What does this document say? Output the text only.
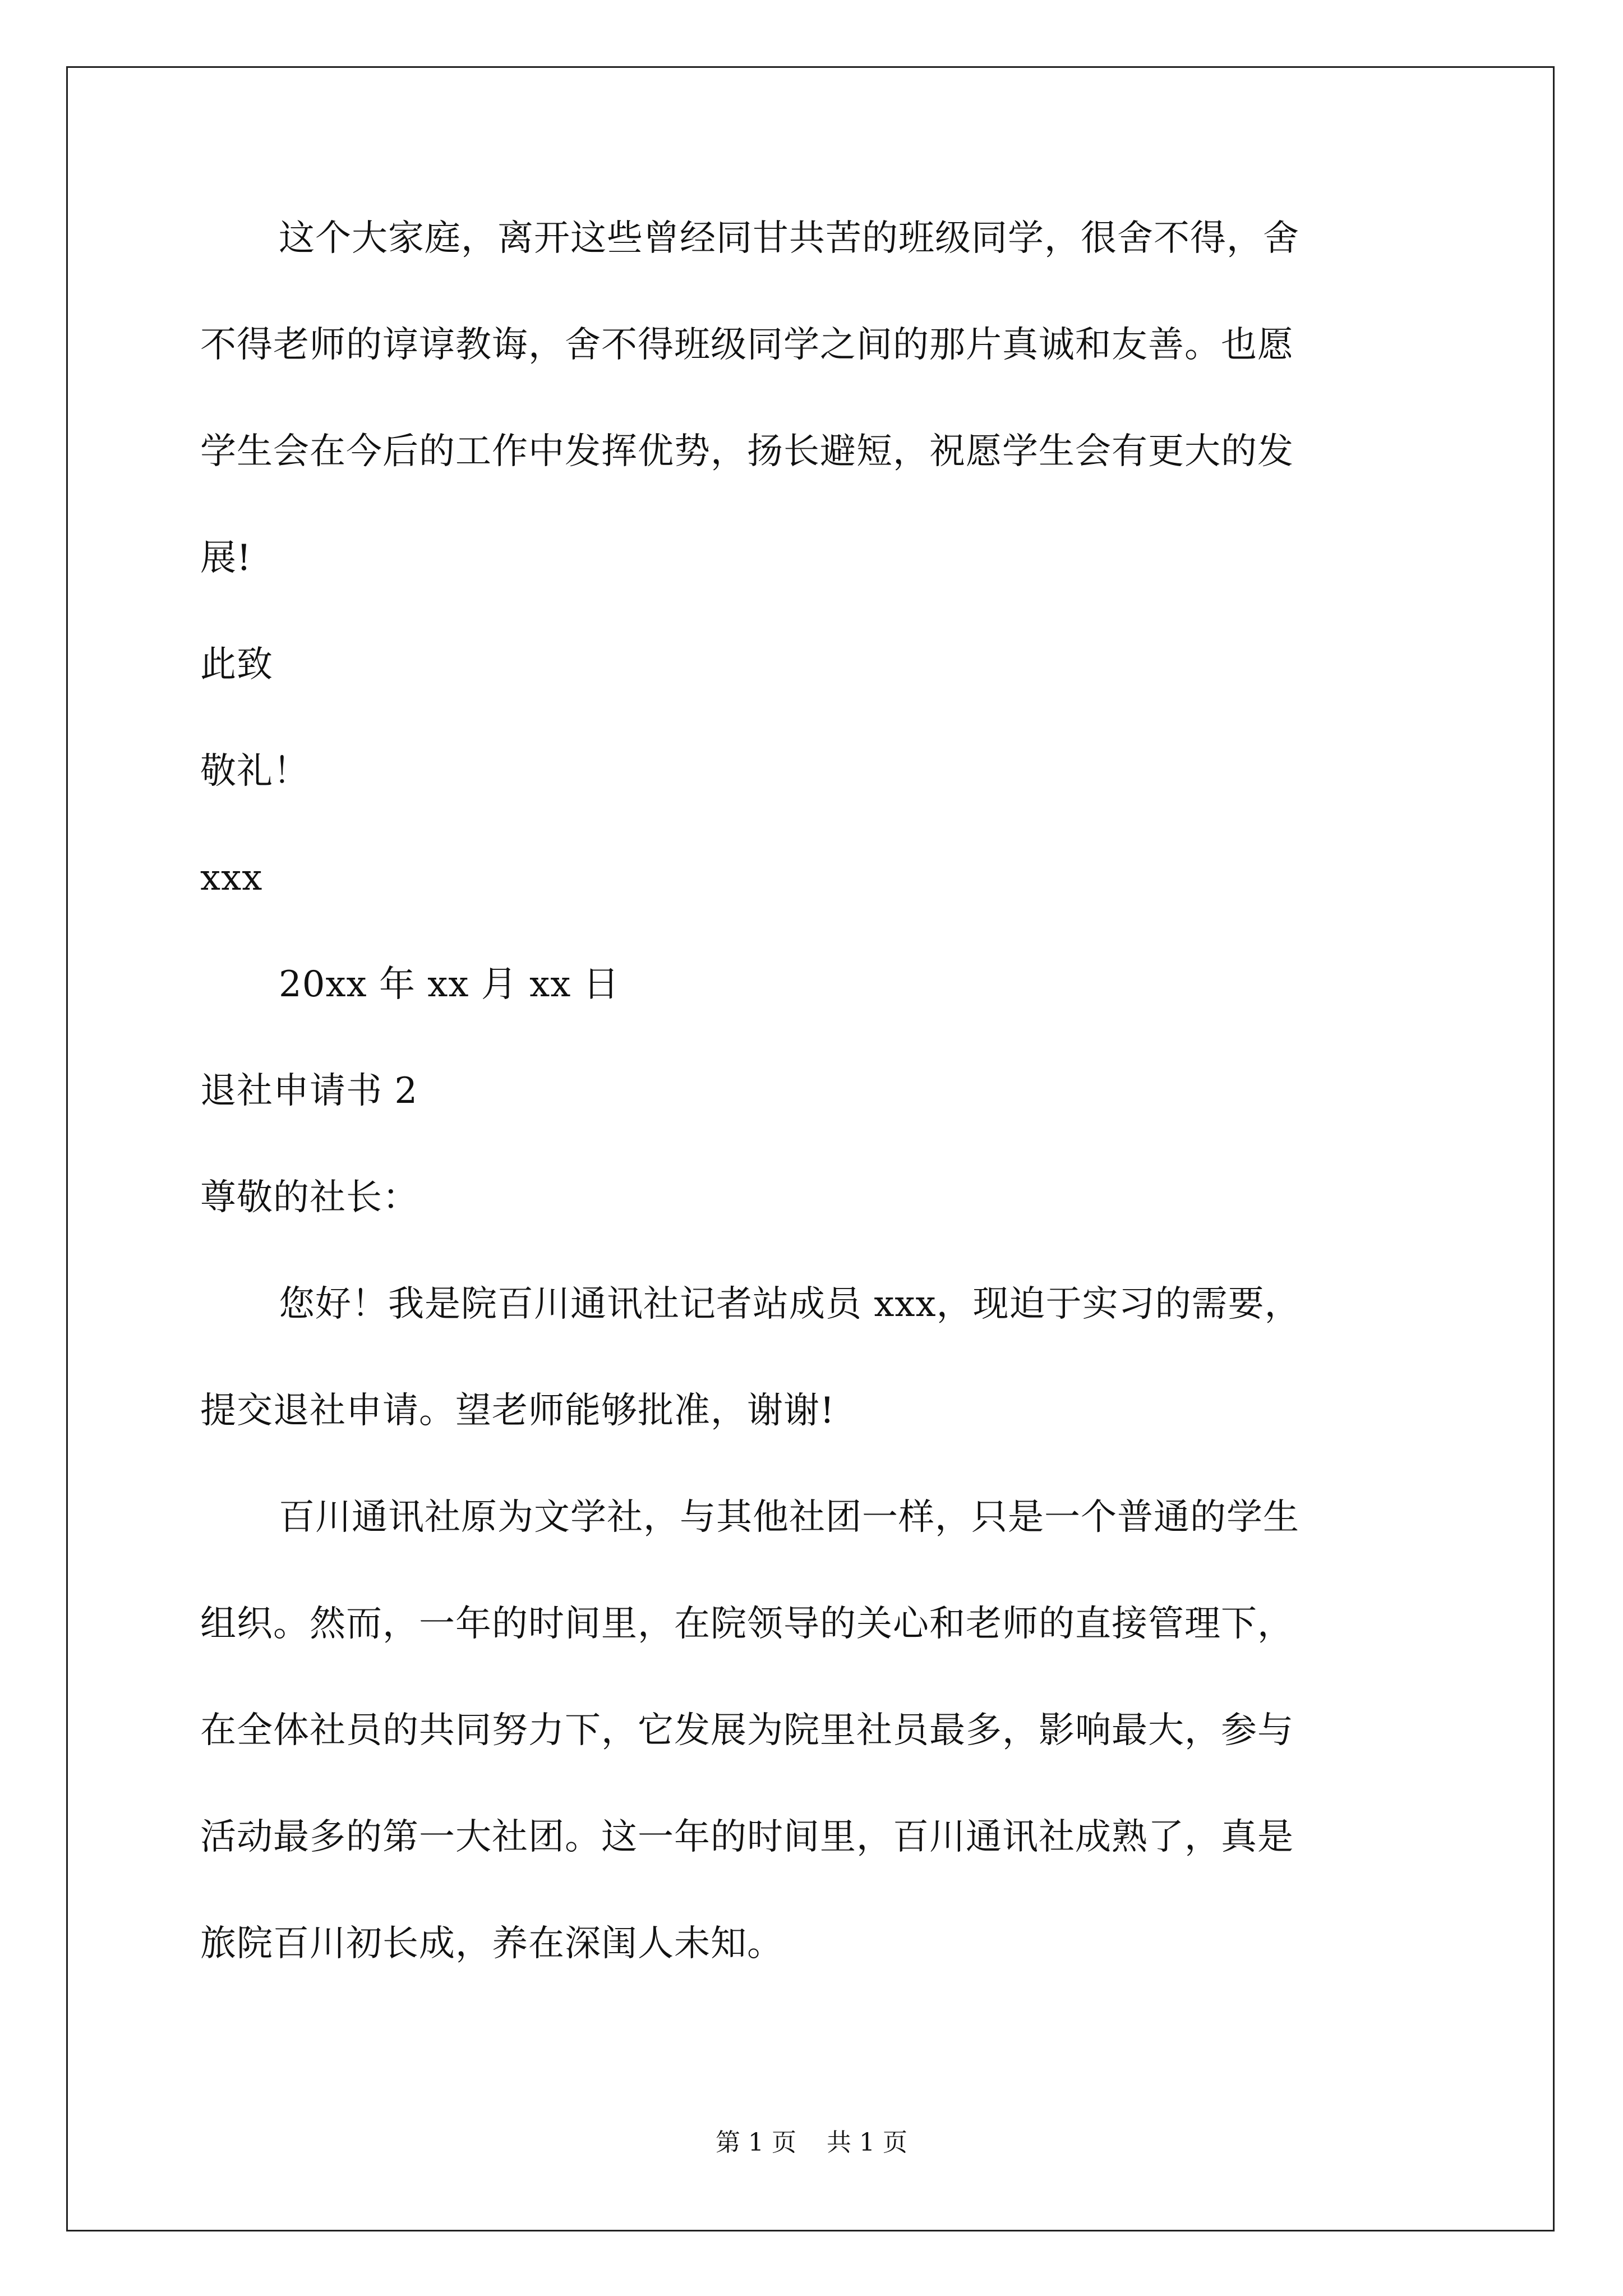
这个大家庭，离开这些曾经同甘共苦的班级同学，很舍不得，舍
不得老师的谆谆教诲，舍不得班级同学之间的那片真诚和友善。也愿
学生会在今后的工作中发挥优势，扬长避短，祝愿学生会有更大的发
展!
此致
敬礼！
xxx
20xx 年 xx 月 xx 日
退社申请书 2
尊敬的社长：
您好！我是院百川通讯社记者站成员 xxx，现迫于实习的需要，
提交退社申请。望老师能够批准，谢谢!
百川通讯社原为文学社，与其他社团一样，只是一个普通的学生
组织。然而，一年的时间里，在院领导的关心和老师的直接管理下，
在全体社员的共同努力下，它发展为院里社员最多，影响最大，参与
活动最多的第一大社团。这一年的时间里，百川通讯社成熟了，真是
旅院百川初长成，养在深闺人未知。
第 1 页 共 1 页
